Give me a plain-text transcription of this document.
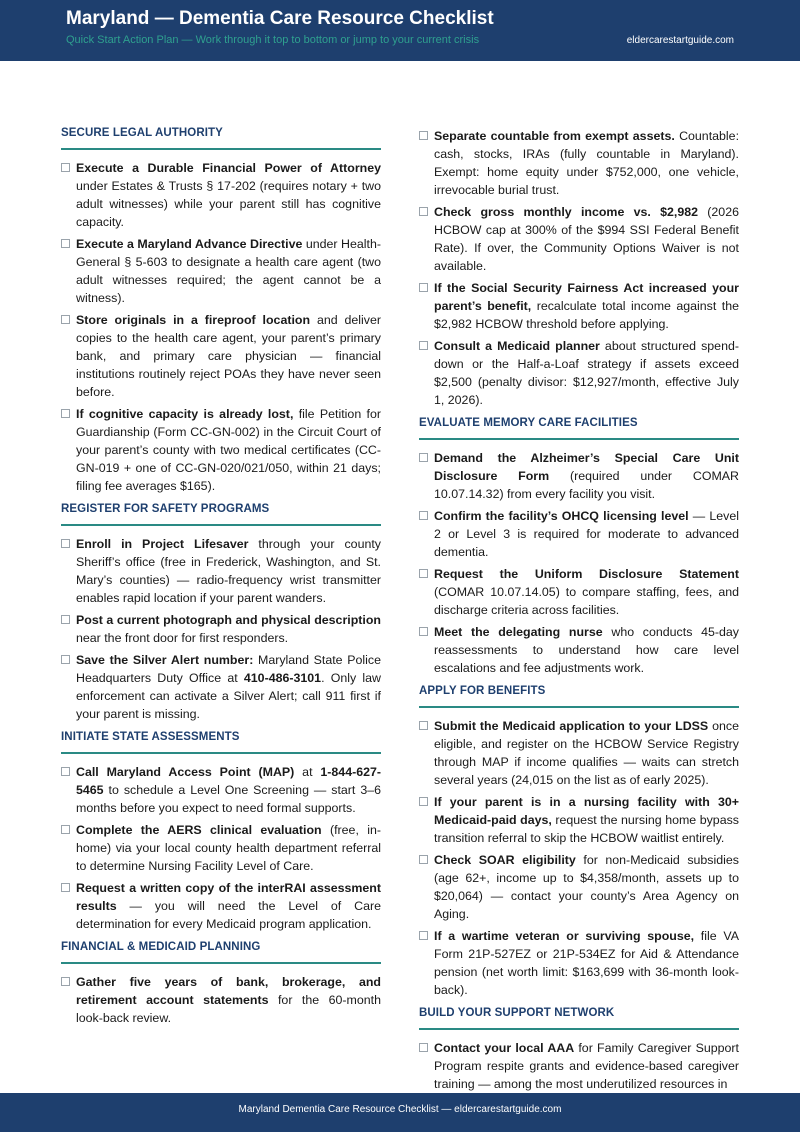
Maryland — Dementia Care Resource Checklist
Quick Start Action Plan — Work through it top to bottom or jump to your current crisis	eldercarestartguide.com
SECURE LEGAL AUTHORITY
Execute a Durable Financial Power of Attorney under Estates & Trusts § 17-202 (requires notary + two adult witnesses) while your parent still has cognitive capacity.
Execute a Maryland Advance Directive under Health-General § 5-603 to designate a health care agent (two adult witnesses required; the agent cannot be a witness).
Store originals in a fireproof location and deliver copies to the health care agent, your parent’s primary bank, and primary care physician — financial institutions routinely reject POAs they have never seen before.
If cognitive capacity is already lost, file Petition for Guardianship (Form CC-GN-002) in the Circuit Court of your parent’s county with two medical certificates (CC-GN-019 + one of CC-GN-020/021/050, within 21 days; filing fee averages $165).
REGISTER FOR SAFETY PROGRAMS
Enroll in Project Lifesaver through your county Sheriff’s office (free in Frederick, Washington, and St. Mary’s counties) — radio-frequency wrist transmitter enables rapid location if your parent wanders.
Post a current photograph and physical description near the front door for first responders.
Save the Silver Alert number: Maryland State Police Headquarters Duty Office at 410-486-3101. Only law enforcement can activate a Silver Alert; call 911 first if your parent is missing.
INITIATE STATE ASSESSMENTS
Call Maryland Access Point (MAP) at 1-844-627-5465 to schedule a Level One Screening — start 3–6 months before you expect to need formal supports.
Complete the AERS clinical evaluation (free, in-home) via your local county health department referral to determine Nursing Facility Level of Care.
Request a written copy of the interRAI assessment results — you will need the Level of Care determination for every Medicaid program application.
FINANCIAL & MEDICAID PLANNING
Gather five years of bank, brokerage, and retirement account statements for the 60-month look-back review.
Separate countable from exempt assets. Countable: cash, stocks, IRAs (fully countable in Maryland). Exempt: home equity under $752,000, one vehicle, irrevocable burial trust.
Check gross monthly income vs. $2,982 (2026 HCBOW cap at 300% of the $994 SSI Federal Benefit Rate). If over, the Community Options Waiver is not available.
If the Social Security Fairness Act increased your parent’s benefit, recalculate total income against the $2,982 HCBOW threshold before applying.
Consult a Medicaid planner about structured spend-down or the Half-a-Loaf strategy if assets exceed $2,500 (penalty divisor: $12,927/month, effective July 1, 2026).
EVALUATE MEMORY CARE FACILITIES
Demand the Alzheimer’s Special Care Unit Disclosure Form (required under COMAR 10.07.14.32) from every facility you visit.
Confirm the facility’s OHCQ licensing level — Level 2 or Level 3 is required for moderate to advanced dementia.
Request the Uniform Disclosure Statement (COMAR 10.07.14.05) to compare staffing, fees, and discharge criteria across facilities.
Meet the delegating nurse who conducts 45-day reassessments to understand how care level escalations and fee adjustments work.
APPLY FOR BENEFITS
Submit the Medicaid application to your LDSS once eligible, and register on the HCBOW Service Registry through MAP if income qualifies — waits can stretch several years (24,015 on the list as of early 2025).
If your parent is in a nursing facility with 30+ Medicaid-paid days, request the nursing home bypass transition referral to skip the HCBOW waitlist entirely.
Check SOAR eligibility for non-Medicaid subsidies (age 62+, income up to $4,358/month, assets up to $20,064) — contact your county’s Area Agency on Aging.
If a wartime veteran or surviving spouse, file VA Form 21P-527EZ or 21P-534EZ for Aid & Attendance pension (net worth limit: $163,699 with 36-month look-back).
BUILD YOUR SUPPORT NETWORK
Contact your local AAA for Family Caregiver Support Program respite grants and evidence-based caregiver training — among the most underutilized resources in
Maryland Dementia Care Resource Checklist — eldercarestartguide.com
